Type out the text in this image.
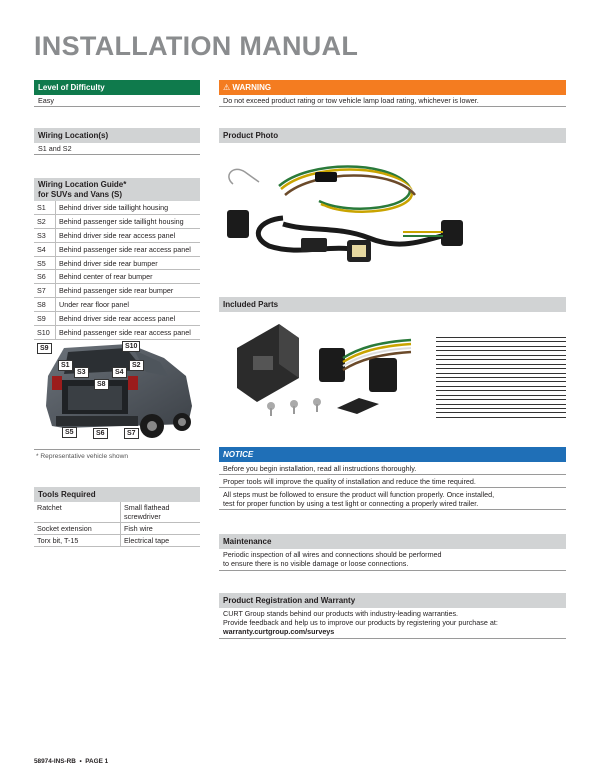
INSTALLATION MANUAL
Level of Difficulty
Easy
Wiring Location(s)
S1 and S2
Wiring Location Guide*
for SUVs and Vans (S)
S1	Behind driver side taillight housing
S2	Behind passenger side taillight housing
S3	Behind driver side rear access panel
S4	Behind passenger side rear access panel
S5	Behind driver side rear bumper
S6	Behind center of rear bumper
S7	Behind passenger side rear bumper
S8	Under rear floor panel
S9	Behind driver side rear access panel
S10	Behind passenger side rear access panel
S9	S10
S1
S3	S4
S2
S8
S5	S6	S7
* Representative vehicle shown
Tools Required
Ratchet	Small flathead screwdriver
Socket extension	Fish wire
Torx bit, T-15	Electrical tape
⚠ WARNING
Do not exceed product rating or tow vehicle lamp load rating, whichever is lower.
Product Photo
Included Parts
NOTICE
Before you begin installation, read all instructions thoroughly.
Proper tools will improve the quality of installation and reduce the time required.
All steps must be followed to ensure the product will function properly. Once installed,
test for proper function by using a test light or connecting a properly wired trailer.
Maintenance
Periodic inspection of all wires and connections should be performed
to ensure there is no visible damage or loose connections.
Product Registration and Warranty
CURT Group stands behind our products with industry-leading warranties.
Provide feedback and help us to improve our products by registering your purchase at:
warranty.curtgroup.com/surveys
58974-INS-RB  •  PAGE 1
